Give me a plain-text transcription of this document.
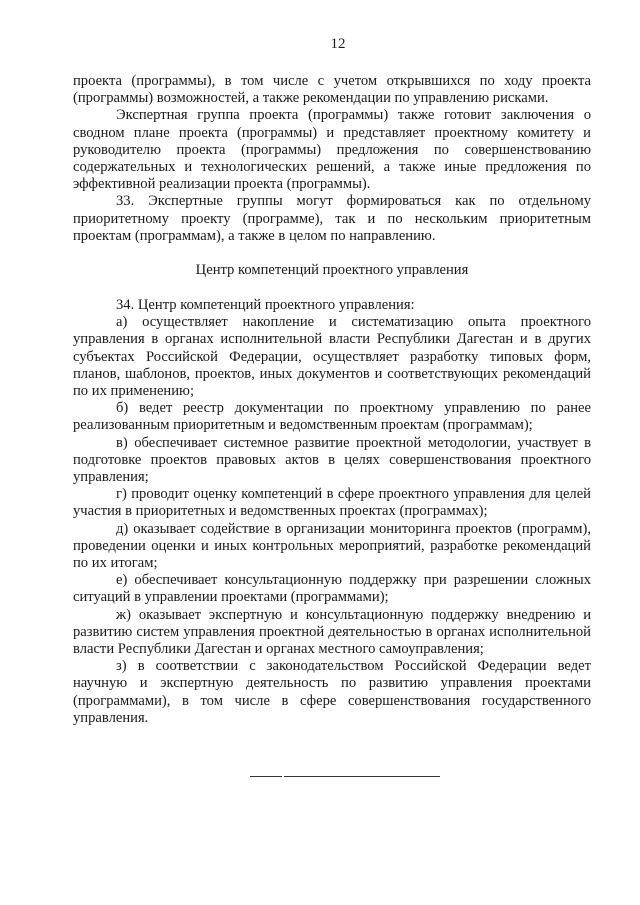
12

проекта (программы), в том числе с учетом открывшихся по ходу проекта (программы) возможностей, а также рекомендации по управлению рисками.

Экспертная группа проекта (программы) также готовит заключения о сводном плане проекта (программы) и представляет проектному комитету и руководителю проекта (программы) предложения по совершенствованию содержательных и технологических решений, а также иные предложения по эффективной реализации проекта (программы).

33. Экспертные группы могут формироваться как по отдельному приоритетному проекту (программе), так и по нескольким приоритетным проектам (программам), а также в целом по направлению.

Центр компетенций проектного управления

34. Центр компетенций проектного управления:

а) осуществляет накопление и систематизацию опыта проектного управления в органах исполнительной власти Республики Дагестан и в других субъектах Российской Федерации, осуществляет разработку типовых форм, планов, шаблонов, проектов, иных документов и соответствующих рекомендаций по их применению;

б) ведет реестр документации по проектному управлению по ранее реализованным приоритетным и ведомственным проектам (программам);

в) обеспечивает системное развитие проектной методологии, участвует в подготовке проектов правовых актов в целях совершенствования проектного управления;

г) проводит оценку компетенций в сфере проектного управления для целей участия в приоритетных и ведомственных проектах (программах);

д) оказывает содействие в организации мониторинга проектов (программ), проведении оценки и иных контрольных мероприятий, разработке рекомендаций по их итогам;

е) обеспечивает консультационную поддержку при разрешении сложных ситуаций в управлении проектами (программами);

ж) оказывает экспертную и консультационную поддержку внедрению и развитию систем управления проектной деятельностью в органах исполнительной власти Республики Дагестан и органах местного самоуправления;

з) в соответствии с законодательством Российской Федерации ведет научную и экспертную деятельность по развитию управления проектами (программами), в том числе в сфере совершенствования государственного управления.
